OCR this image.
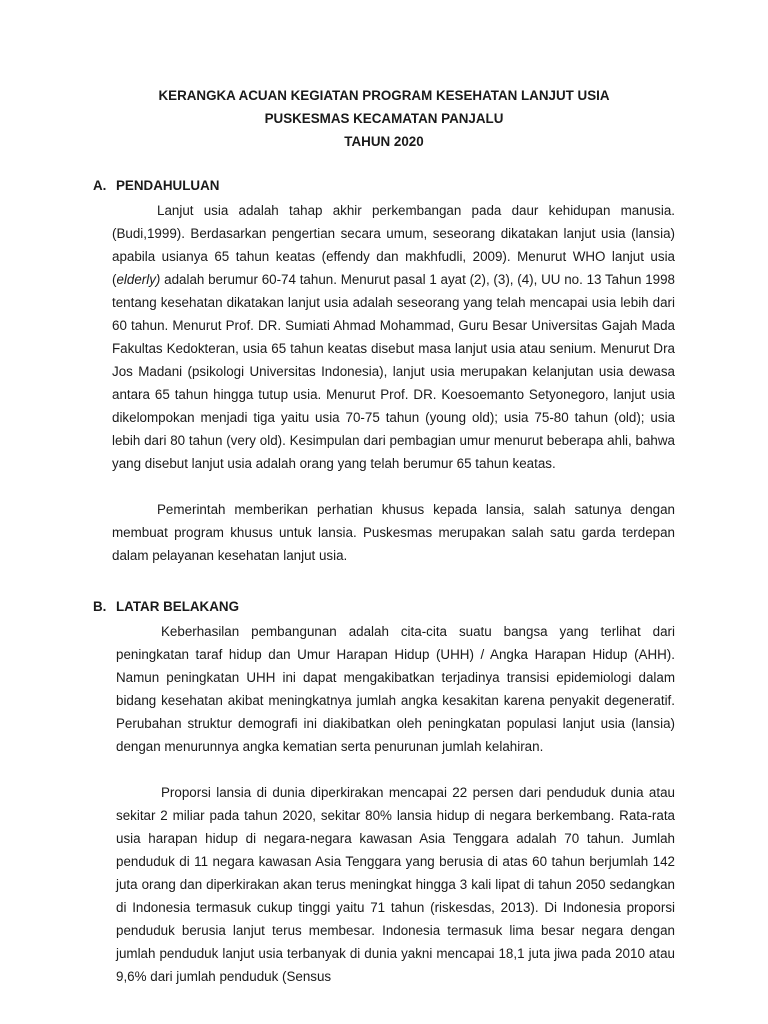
KERANGKA ACUAN KEGIATAN PROGRAM KESEHATAN LANJUT USIA
PUSKESMAS KECAMATAN PANJALU
TAHUN 2020
A. PENDAHULUAN

Lanjut usia adalah tahap akhir perkembangan pada daur kehidupan manusia. (Budi,1999). Berdasarkan pengertian secara umum, seseorang dikatakan lanjut usia (lansia) apabila usianya 65 tahun keatas (effendy dan makhfudli, 2009). Menurut WHO lanjut usia (elderly) adalah berumur 60-74 tahun. Menurut pasal 1 ayat (2), (3), (4), UU no. 13 Tahun 1998 tentang kesehatan dikatakan lanjut usia adalah seseorang yang telah mencapai usia lebih dari 60 tahun. Menurut Prof. DR. Sumiati Ahmad Mohammad, Guru Besar Universitas Gajah Mada Fakultas Kedokteran, usia 65 tahun keatas disebut masa lanjut usia atau senium. Menurut Dra Jos Madani (psikologi Universitas Indonesia), lanjut usia merupakan kelanjutan usia dewasa antara 65 tahun hingga tutup usia. Menurut Prof. DR. Koesoemanto Setyonegoro, lanjut usia dikelompokan menjadi tiga yaitu usia 70-75 tahun (young old); usia 75-80 tahun (old); usia lebih dari 80 tahun (very old). Kesimpulan dari pembagian umur menurut beberapa ahli, bahwa yang disebut lanjut usia adalah orang yang telah berumur 65 tahun keatas.

Pemerintah memberikan perhatian khusus kepada lansia, salah satunya dengan membuat program khusus untuk lansia. Puskesmas merupakan salah satu garda terdepan dalam pelayanan kesehatan lanjut usia.

B. LATAR BELAKANG

Keberhasilan pembangunan adalah cita-cita suatu bangsa yang terlihat dari peningkatan taraf hidup dan Umur Harapan Hidup (UHH) / Angka Harapan Hidup (AHH). Namun peningkatan UHH ini dapat mengakibatkan terjadinya transisi epidemiologi dalam bidang kesehatan akibat meningkatnya jumlah angka kesakitan karena penyakit degeneratif. Perubahan struktur demografi ini diakibatkan oleh peningkatan populasi lanjut usia (lansia) dengan menurunnya angka kematian serta penurunan jumlah kelahiran.

Proporsi lansia di dunia diperkirakan mencapai 22 persen dari penduduk dunia atau sekitar 2 miliar pada tahun 2020, sekitar 80% lansia hidup di negara berkembang. Rata-rata usia harapan hidup di negara-negara kawasan Asia Tenggara adalah 70 tahun. Jumlah penduduk di 11 negara kawasan Asia Tenggara yang berusia di atas 60 tahun berjumlah 142 juta orang dan diperkirakan akan terus meningkat hingga 3 kali lipat di tahun 2050 sedangkan di Indonesia termasuk cukup tinggi yaitu 71 tahun (riskesdas, 2013). Di Indonesia proporsi penduduk berusia lanjut terus membesar. Indonesia termasuk lima besar negara dengan jumlah penduduk lanjut usia terbanyak di dunia yakni mencapai 18,1 juta jiwa pada 2010 atau 9,6% dari jumlah penduduk (Sensus
